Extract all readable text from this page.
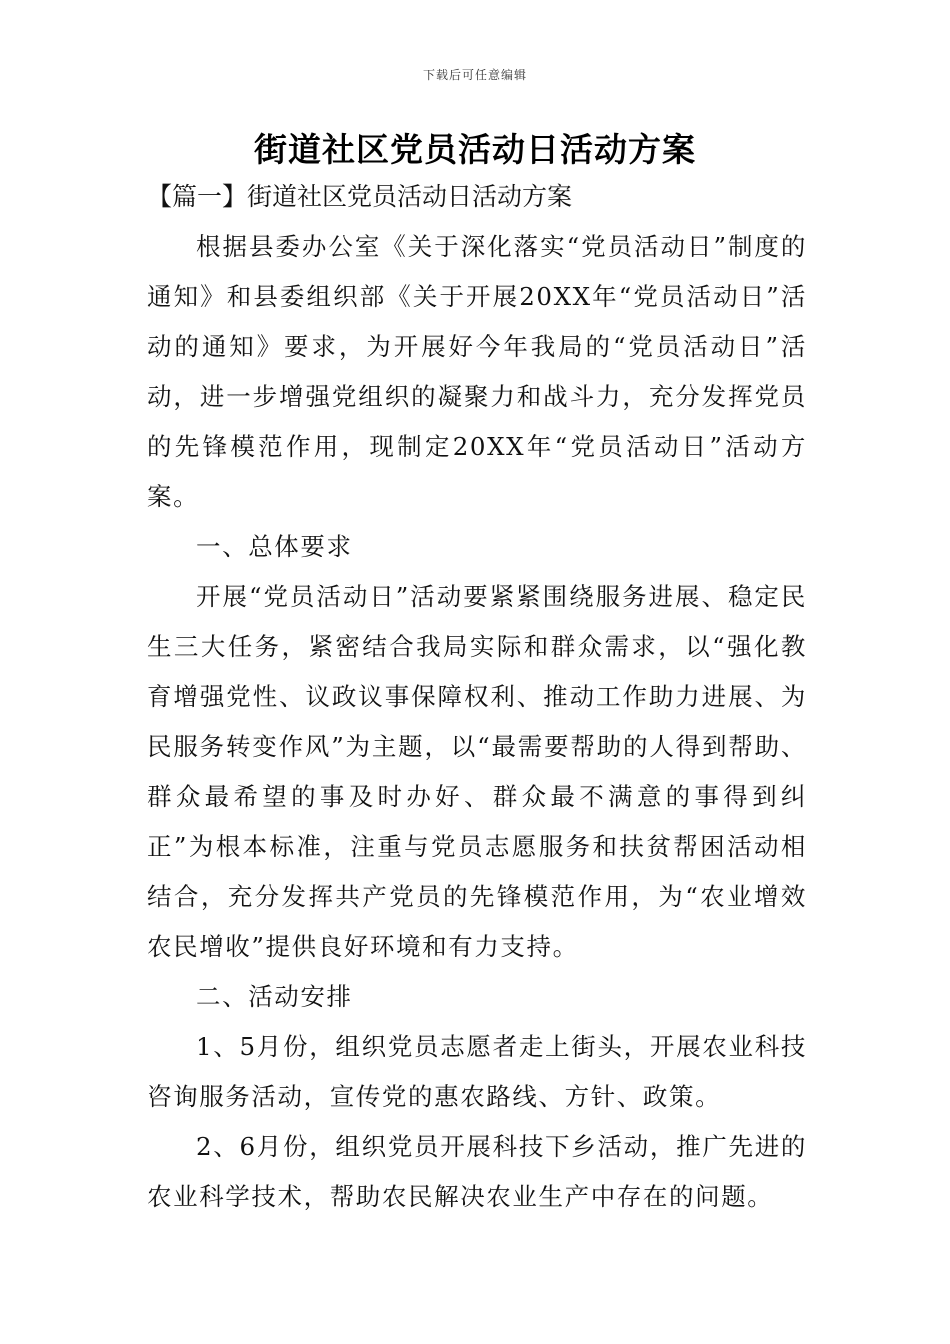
下载后可任意编辑
街道社区党员活动日活动方案
【篇一】街道社区党员活动日活动方案

根据县委办公室《关于深化落实“党员活动日”制度的通知》和县委组织部《关于开展20XX年“党员活动日”活动的通知》要求，为开展好今年我局的“党员活动日”活动，进一步增强党组织的凝聚力和战斗力，充分发挥党员的先锋模范作用，现制定20XX年“党员活动日”活动方案。

一、总体要求

开展“党员活动日”活动要紧紧围绕服务进展、稳定民生三大任务，紧密结合我局实际和群众需求，以“强化教育增强党性、议政议事保障权利、推动工作助力进展、为民服务转变作风”为主题，以“最需要帮助的人得到帮助、群众最希望的事及时办好、群众最不满意的事得到纠正”为根本标准，注重与党员志愿服务和扶贫帮困活动相结合，充分发挥共产党员的先锋模范作用，为“农业增效农民增收”提供良好环境和有力支持。

二、活动安排

1、5月份，组织党员志愿者走上街头，开展农业科技咨询服务活动，宣传党的惠农路线、方针、政策。

2、6月份，组织党员开展科技下乡活动，推广先进的农业科学技术，帮助农民解决农业生产中存在的问题。
